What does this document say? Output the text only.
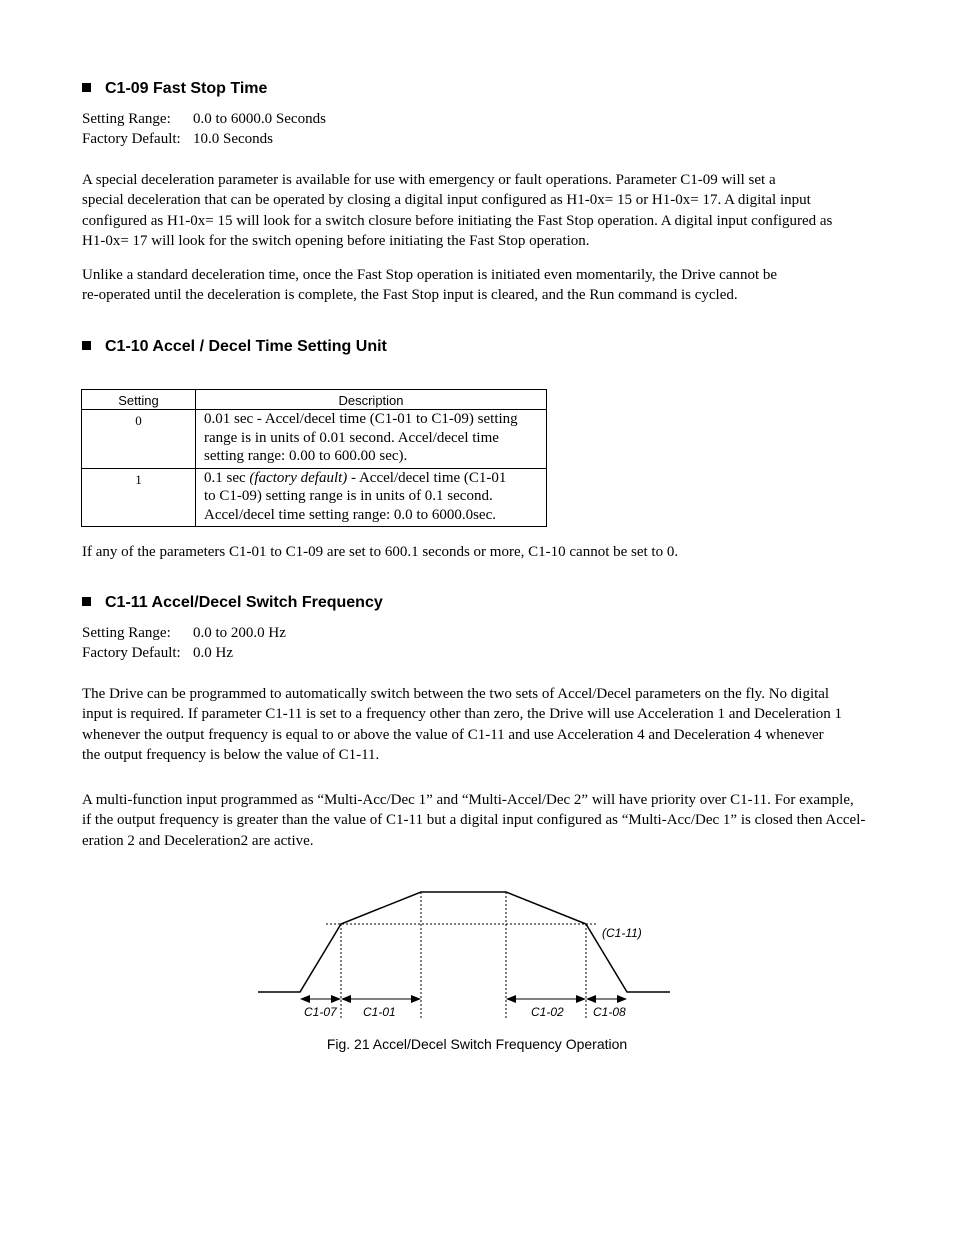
C1-09 Fast Stop Time
Setting Range: 0.0 to 6000.0 Seconds
Factory Default: 10.0 Seconds

A special deceleration parameter is available for use with emergency or fault operations. Parameter C1-09 will set a
special deceleration that can be operated by closing a digital input configured as H1-0x= 15 or H1-0x= 17. A digital input
configured as H1-0x= 15 will look for a switch closure before initiating the Fast Stop operation. A digital input configured as
H1-0x= 17 will look for the switch opening before initiating the Fast Stop operation.

Unlike a standard deceleration time, once the Fast Stop operation is initiated even momentarily, the Drive cannot be
re-operated until the deceleration is complete, the Fast Stop input is cleared, and the Run command is cycled.

C1-10 Accel / Decel Time Setting Unit
Setting	Description
0	0.01 sec - Accel/decel time (C1-01 to C1-09) setting
range is in units of 0.01 second. Accel/decel time
setting range: 0.00 to 600.00 sec).

1	0.1 sec (factory default) - Accel/decel time (C1-01
to C1-09) setting range is in units of 0.1 second.
Accel/decel time setting range: 0.0 to 6000.0sec.

If any of the parameters C1-01 to C1-09 are set to 600.1 seconds or more, C1-10 cannot be set to 0.

C1-11 Accel/Decel Switch Frequency
Setting Range: 0.0 to 200.0 Hz
Factory Default: 0.0 Hz

The Drive can be programmed to automatically switch between the two sets of Accel/Decel parameters on the fly. No digital
input is required. If parameter C1-11 is set to a frequency other than zero, the Drive will use Acceleration 1 and Deceleration 1
whenever the output frequency is equal to or above the value of C1-11 and use Acceleration 4 and Deceleration 4 whenever
the output frequency is below the value of C1-11.

A multi-function input programmed as “Multi-Acc/Dec 1” and “Multi-Accel/Dec 2” will have priority over C1-11. For example,
if the output frequency is greater than the value of C1-11 but a digital input configured as “Multi-Acc/Dec 1” is closed then Accel-
eration 2 and Deceleration2 are active.

C1-07 C1-01	C1-02 C1-08
(C1-11)
Fig. 21 Accel/Decel Switch Frequency Operation
